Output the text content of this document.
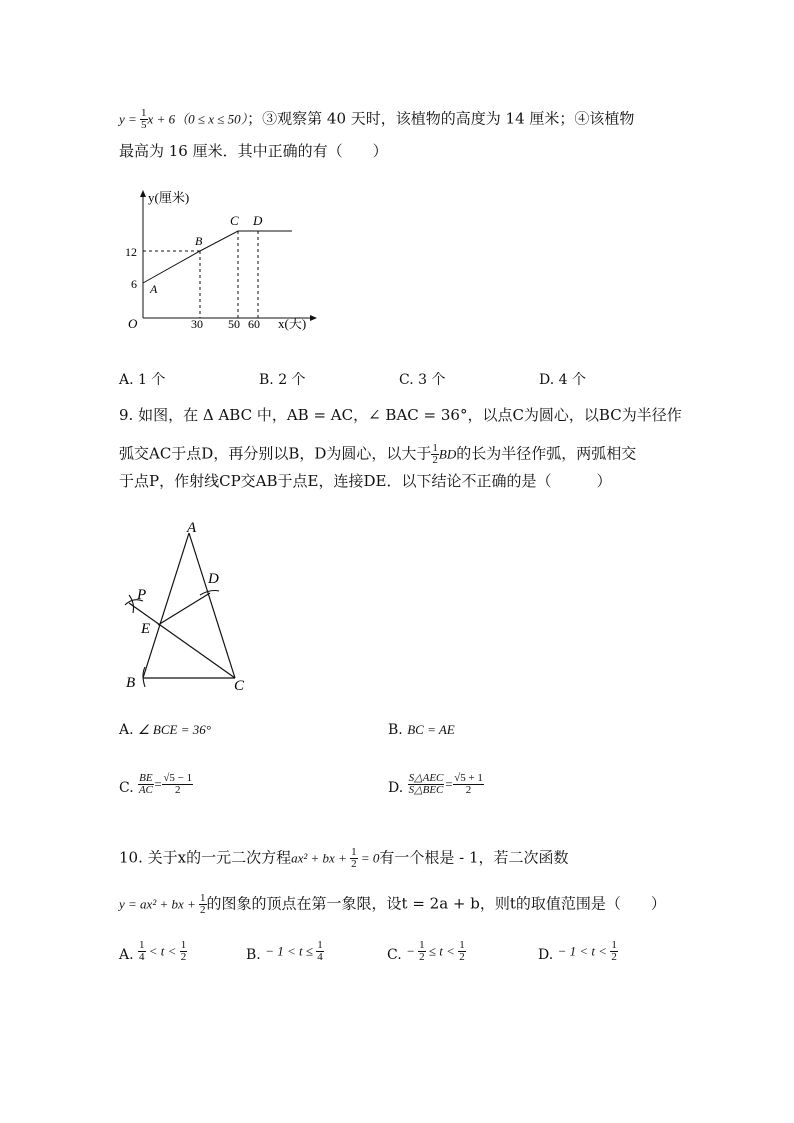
$y = \frac{1}{5}$ x + 6（0 ≤ x ≤ 50）；③观察第 40 天时，该植物的高度为 14 厘米；④该植物
最高为 16 厘米．其中正确的有（　　）
y(厘米)
x(天)
O
12
6
30 50 60
A
B
C D
A. 1 个	B. 2 个	C. 3 个	D. 4 个
9. 如图，在 Δ ABC 中，AB = AC，∠ BAC = 36°，以点C为圆心，以BC为半径作
弧交AC于点D，再分别以B，D为圆心，以大于 $\frac{1}{2}$ BD的长为半径作弧，两弧相交
于点P，作射线CP交AB于点E，连接DE．以下结论不正确的是（　　　）
A
D
P
E
B	C
A. ∠ BCE = 36°	B. BC = AE
C. $\frac{BE}{AC} = \frac{√5 - 1}{2}$	D. $\frac{\text{S△AEC}}{\text{S△BEC}} = \frac{√5 + 1}{2}$
10. 关于x的一元二次方程ax² + bx + $\frac{1}{2} = 0$有一个根是 - 1，若二次函数
y = ax² + bx + $\frac{1}{2}$ 的图象的顶点在第一象限，设t = 2a + b，则t的取值范围是（　　）
A. $\frac{1}{4} < t < \frac{1}{2}$	B. − $1 < t \le \frac{1}{4}$	C. − $\frac{1}{2} \le t < \frac{1}{2}$	D. − $1 < t < \frac{1}{2}$
